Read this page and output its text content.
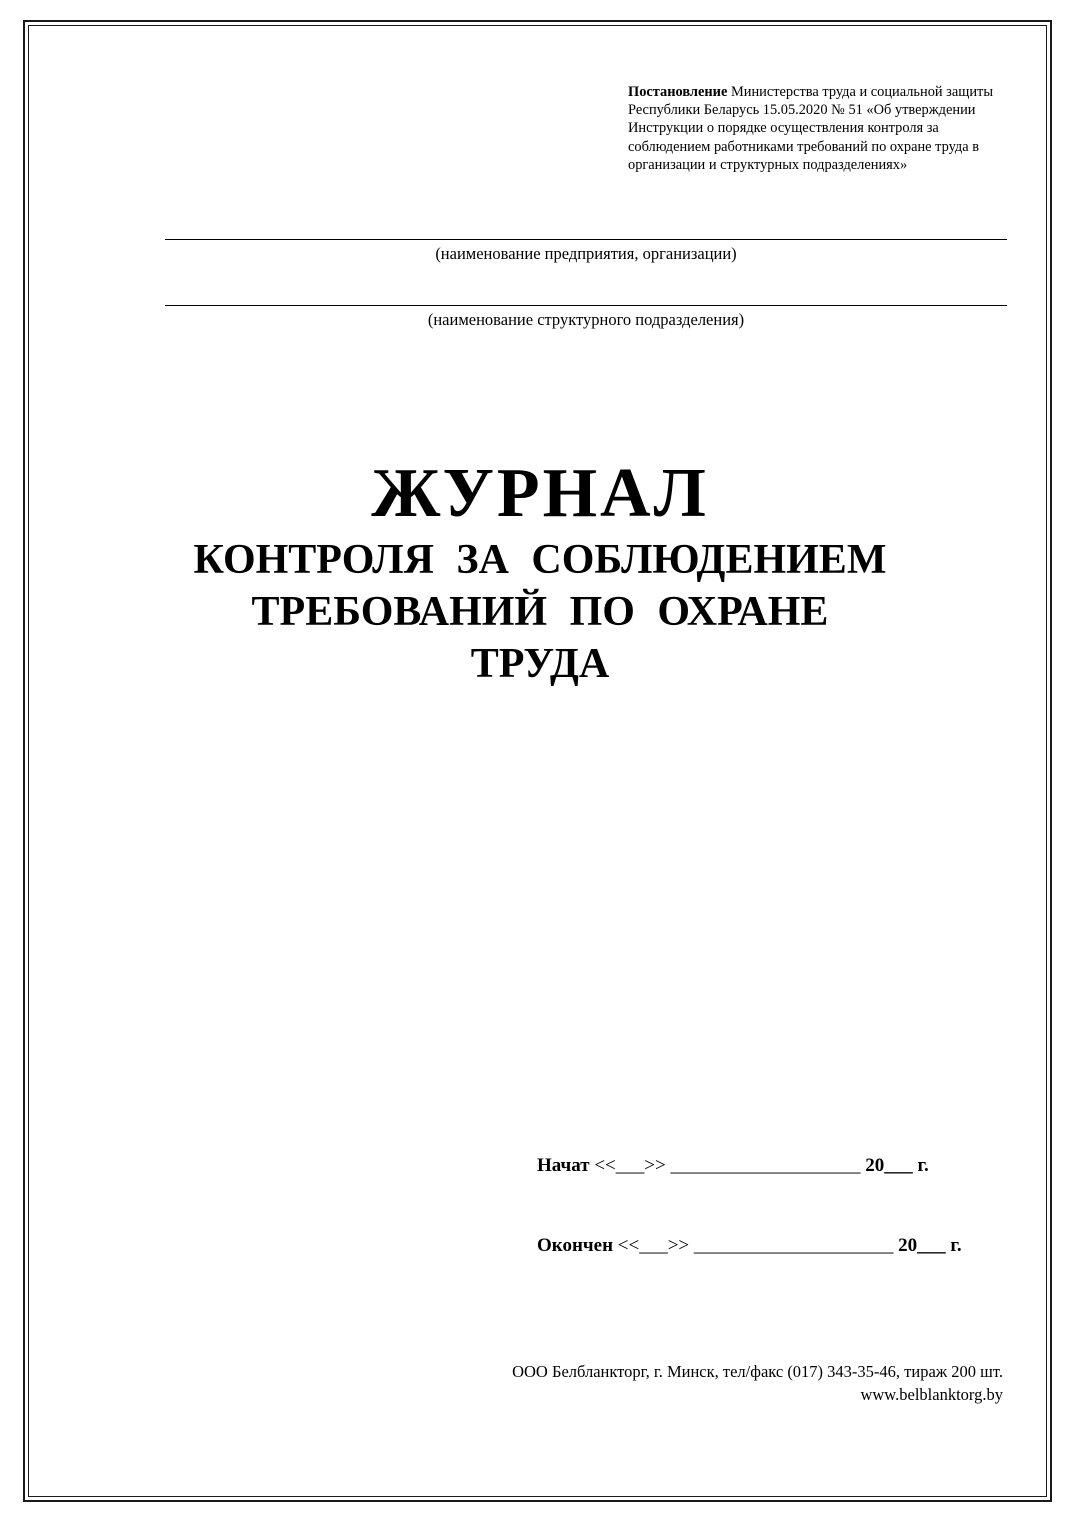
Постановление Министерства труда и социальной защиты
Республики Беларусь 15.05.2020 № 51 «Об утверждении
Инструкции о порядке осуществления контроля за
соблюдением работниками требований по охране труда в
организации и структурных подразделениях»
(наименование предприятия, организации)
(наименование структурного подразделения)
ЖУРНАЛ
КОНТРОЛЯ ЗА СОБЛЮДЕНИЕМ
ТРЕБОВАНИЙ ПО ОХРАНЕ
ТРУДА
Начат <<___>> ____________________ 20___ г.
Окончен <<___>> _____________________ 20___ г.
ООО Белбланкторг, г. Минск, тел/факс (017) 343-35-46, тираж 200 шт.
www.belblanktorg.by
